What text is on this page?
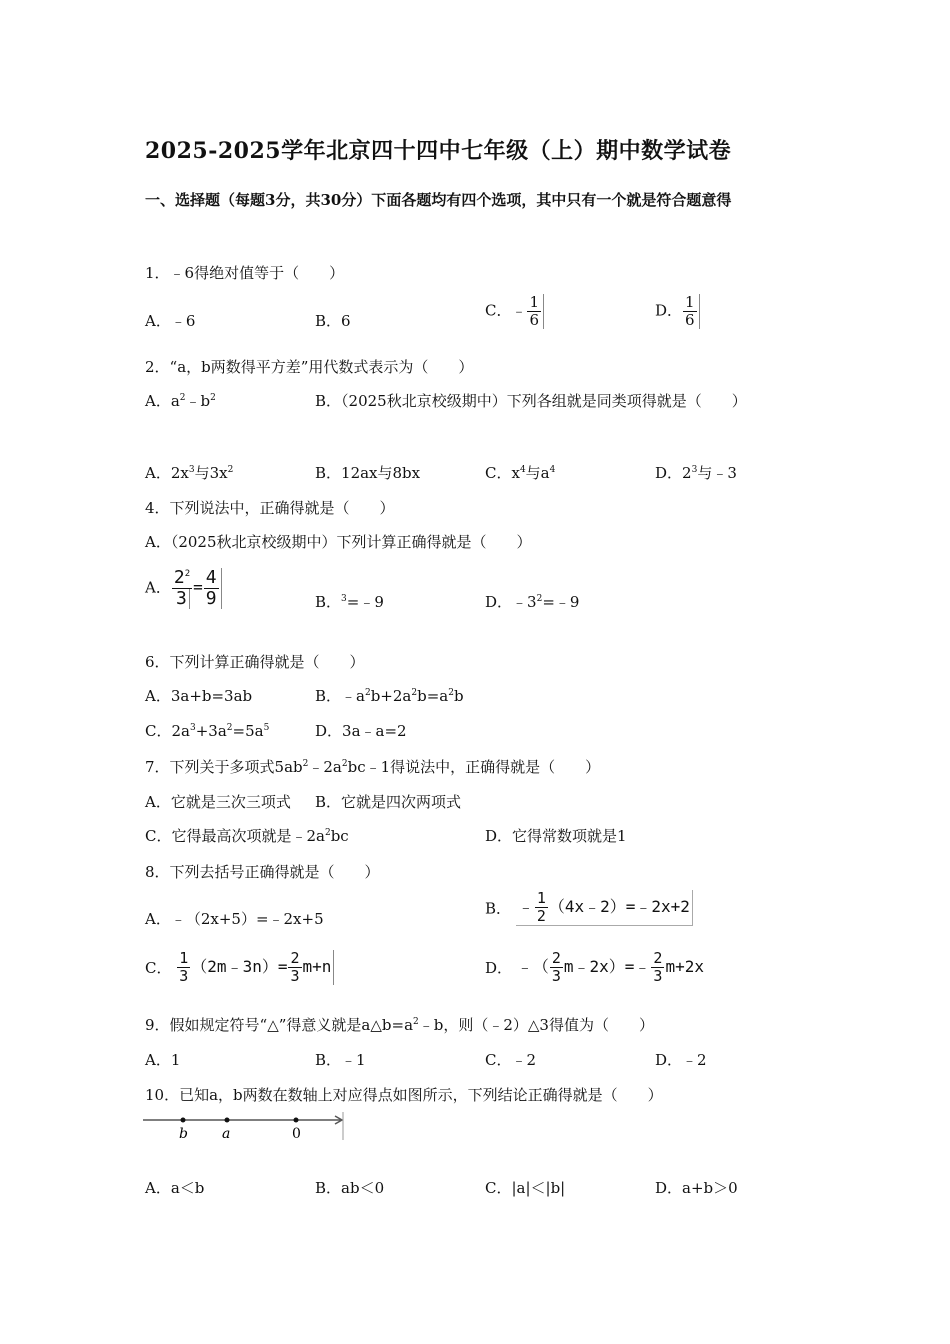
2025-2025学年北京四十四中七年级（上）期中数学试卷
一、选择题（每题3分，共30分）下面各题均有四个选项，其中只有一个就是符合题意得
1．﹣6得绝对值等于（　　）
A．﹣6	B．6
C．﹣ $\frac{1}{6}$	D． $\frac{1}{6}$
2．“a，b两数得平方差”用代数式表示为（　　）
A．$a^2﹣b^2$	B．（2025秋北京校级期中）下列各组就是同类项得就是（　　）
A．$2x^3$与$3x^2$	B．12ax与8bx	C．$x^4$与$a^4$	D．$2^3$与﹣3
4．下列说法中，正确得就是（　　）
A．（2025秋北京校级期中）下列计算正确得就是（　　）
A． $\frac{2^2}{3} = \frac{4}{9}$	B．$^3$=﹣9	D．$﹣3^2=﹣9$
6．下列计算正确得就是（　　）
A．3a+b=3ab	B．$﹣a^2b+2a^2b=a^2b$
C．$2a^3+3a^2=5a^5$	D．3a﹣a=2
7．下列关于多项式$5ab^2﹣2a^2bc﹣1$得说法中，正确得就是（　　）
A．它就是三次三项式 B．它就是四次两项式
C．它得最高次项就是$﹣2a^2bc$	D．它得常数项就是1
8．下列去括号正确得就是（　　）
A．﹣（2x+5）=﹣2x+5
B． ﹣ $\frac{1}{2}$ （4x﹣2）=﹣2x+2
C． $\frac{1}{3}$ （2m﹣3n）= $\frac{2}{3} m+n$	D． ﹣（ $\frac{2}{3}$ m﹣2x）=﹣ $\frac{2}{3} m+2x$
9．假如规定符号“△”得意义就是$a\triangle b=a^2﹣b$，则（﹣2）△3得值为（　　）
A．1	B．﹣1	C．﹣2	D．﹣2
10．已知a，b两数在数轴上对应得点如图所示，下列结论正确得就是（　　）
b a	0
A．a＜b	B．ab＜0	C．|a|＜|b|	D．a+b＞0
